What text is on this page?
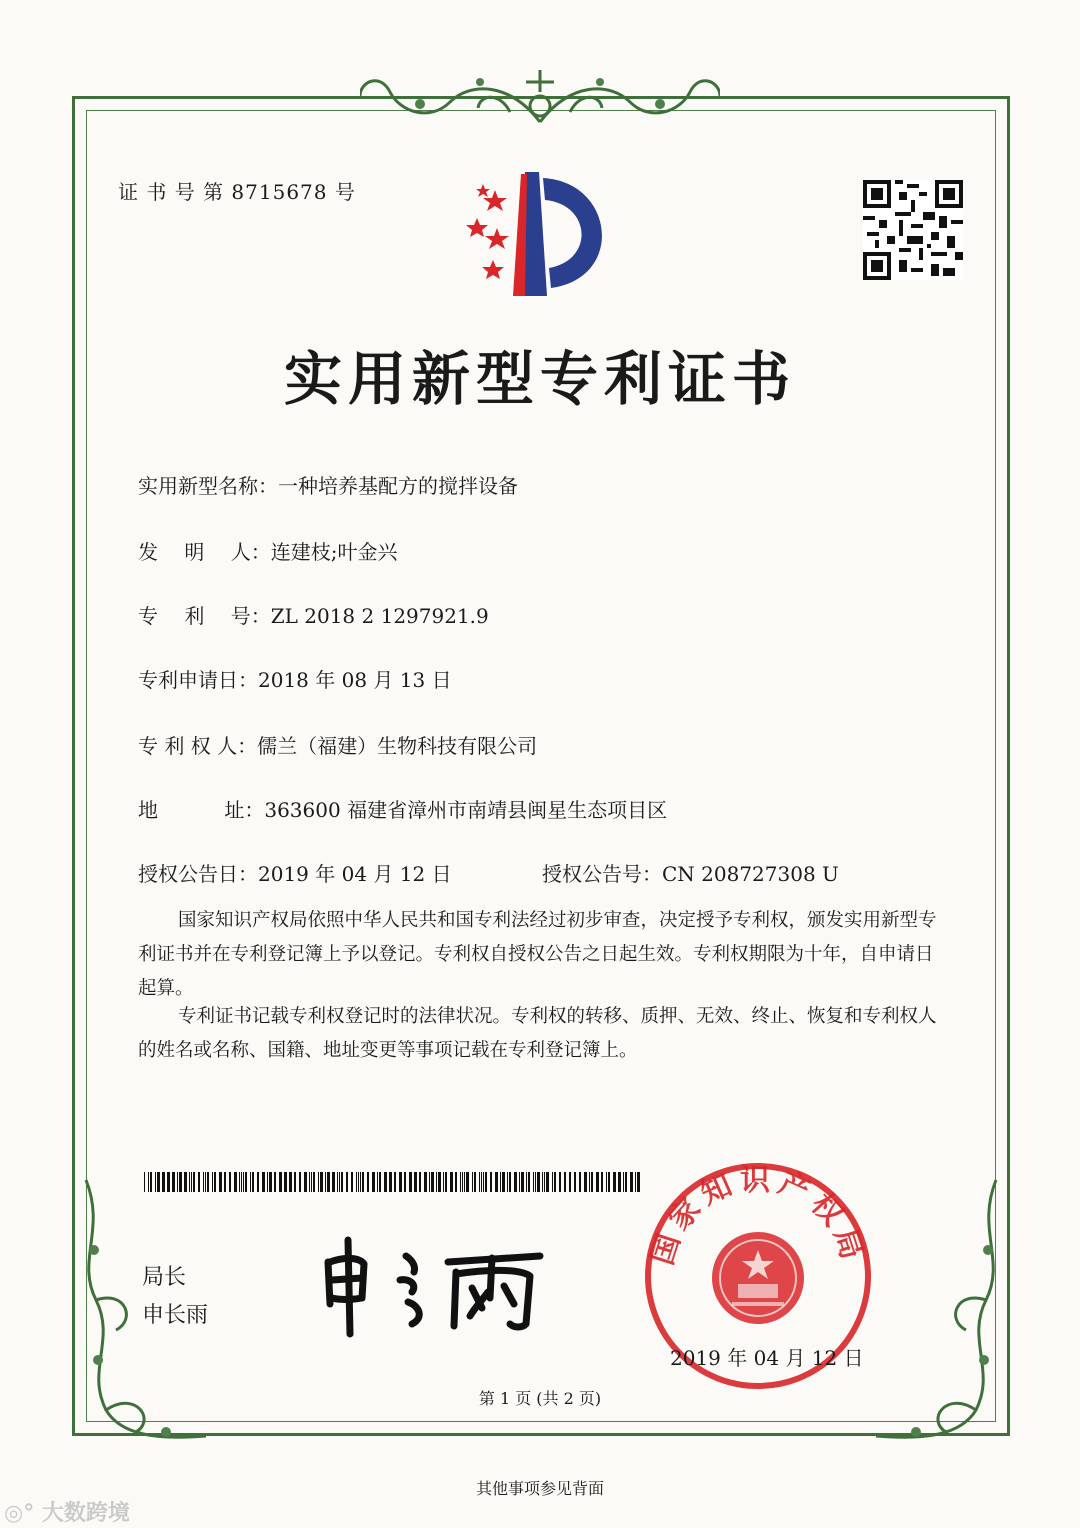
证 书 号 第 8715678 号
实用新型专利证书
实用新型名称：一种培养基配方的搅拌设备
发　 明　 人：连建枝;叶金兴
专　 利　 号：ZL 2018 2 1297921.9
专利申请日：2018 年 08 月 13 日
专 利 权 人：儒兰（福建）生物科技有限公司
地　　　 址：363600 福建省漳州市南靖县闽星生态项目区
授权公告日：2019 年 04 月 12 日	授权公告号：CN 208727308 U
国家知识产权局依照中华人民共和国专利法经过初步审查，决定授予专利权，颁发实用新型专利证书并在专利登记簿上予以登记。专利权自授权公告之日起生效。专利权期限为十年，自申请日起算。
专利证书记载专利权登记时的法律状况。专利权的转移、质押、无效、终止、恢复和专利权人的姓名或名称、国籍、地址变更等事项记载在专利登记簿上。
局长
申长雨
国家知识产权局
2019 年 04 月 12 日
第 1 页 (共 2 页)
其他事项参见背面
◎° 大数跨境
